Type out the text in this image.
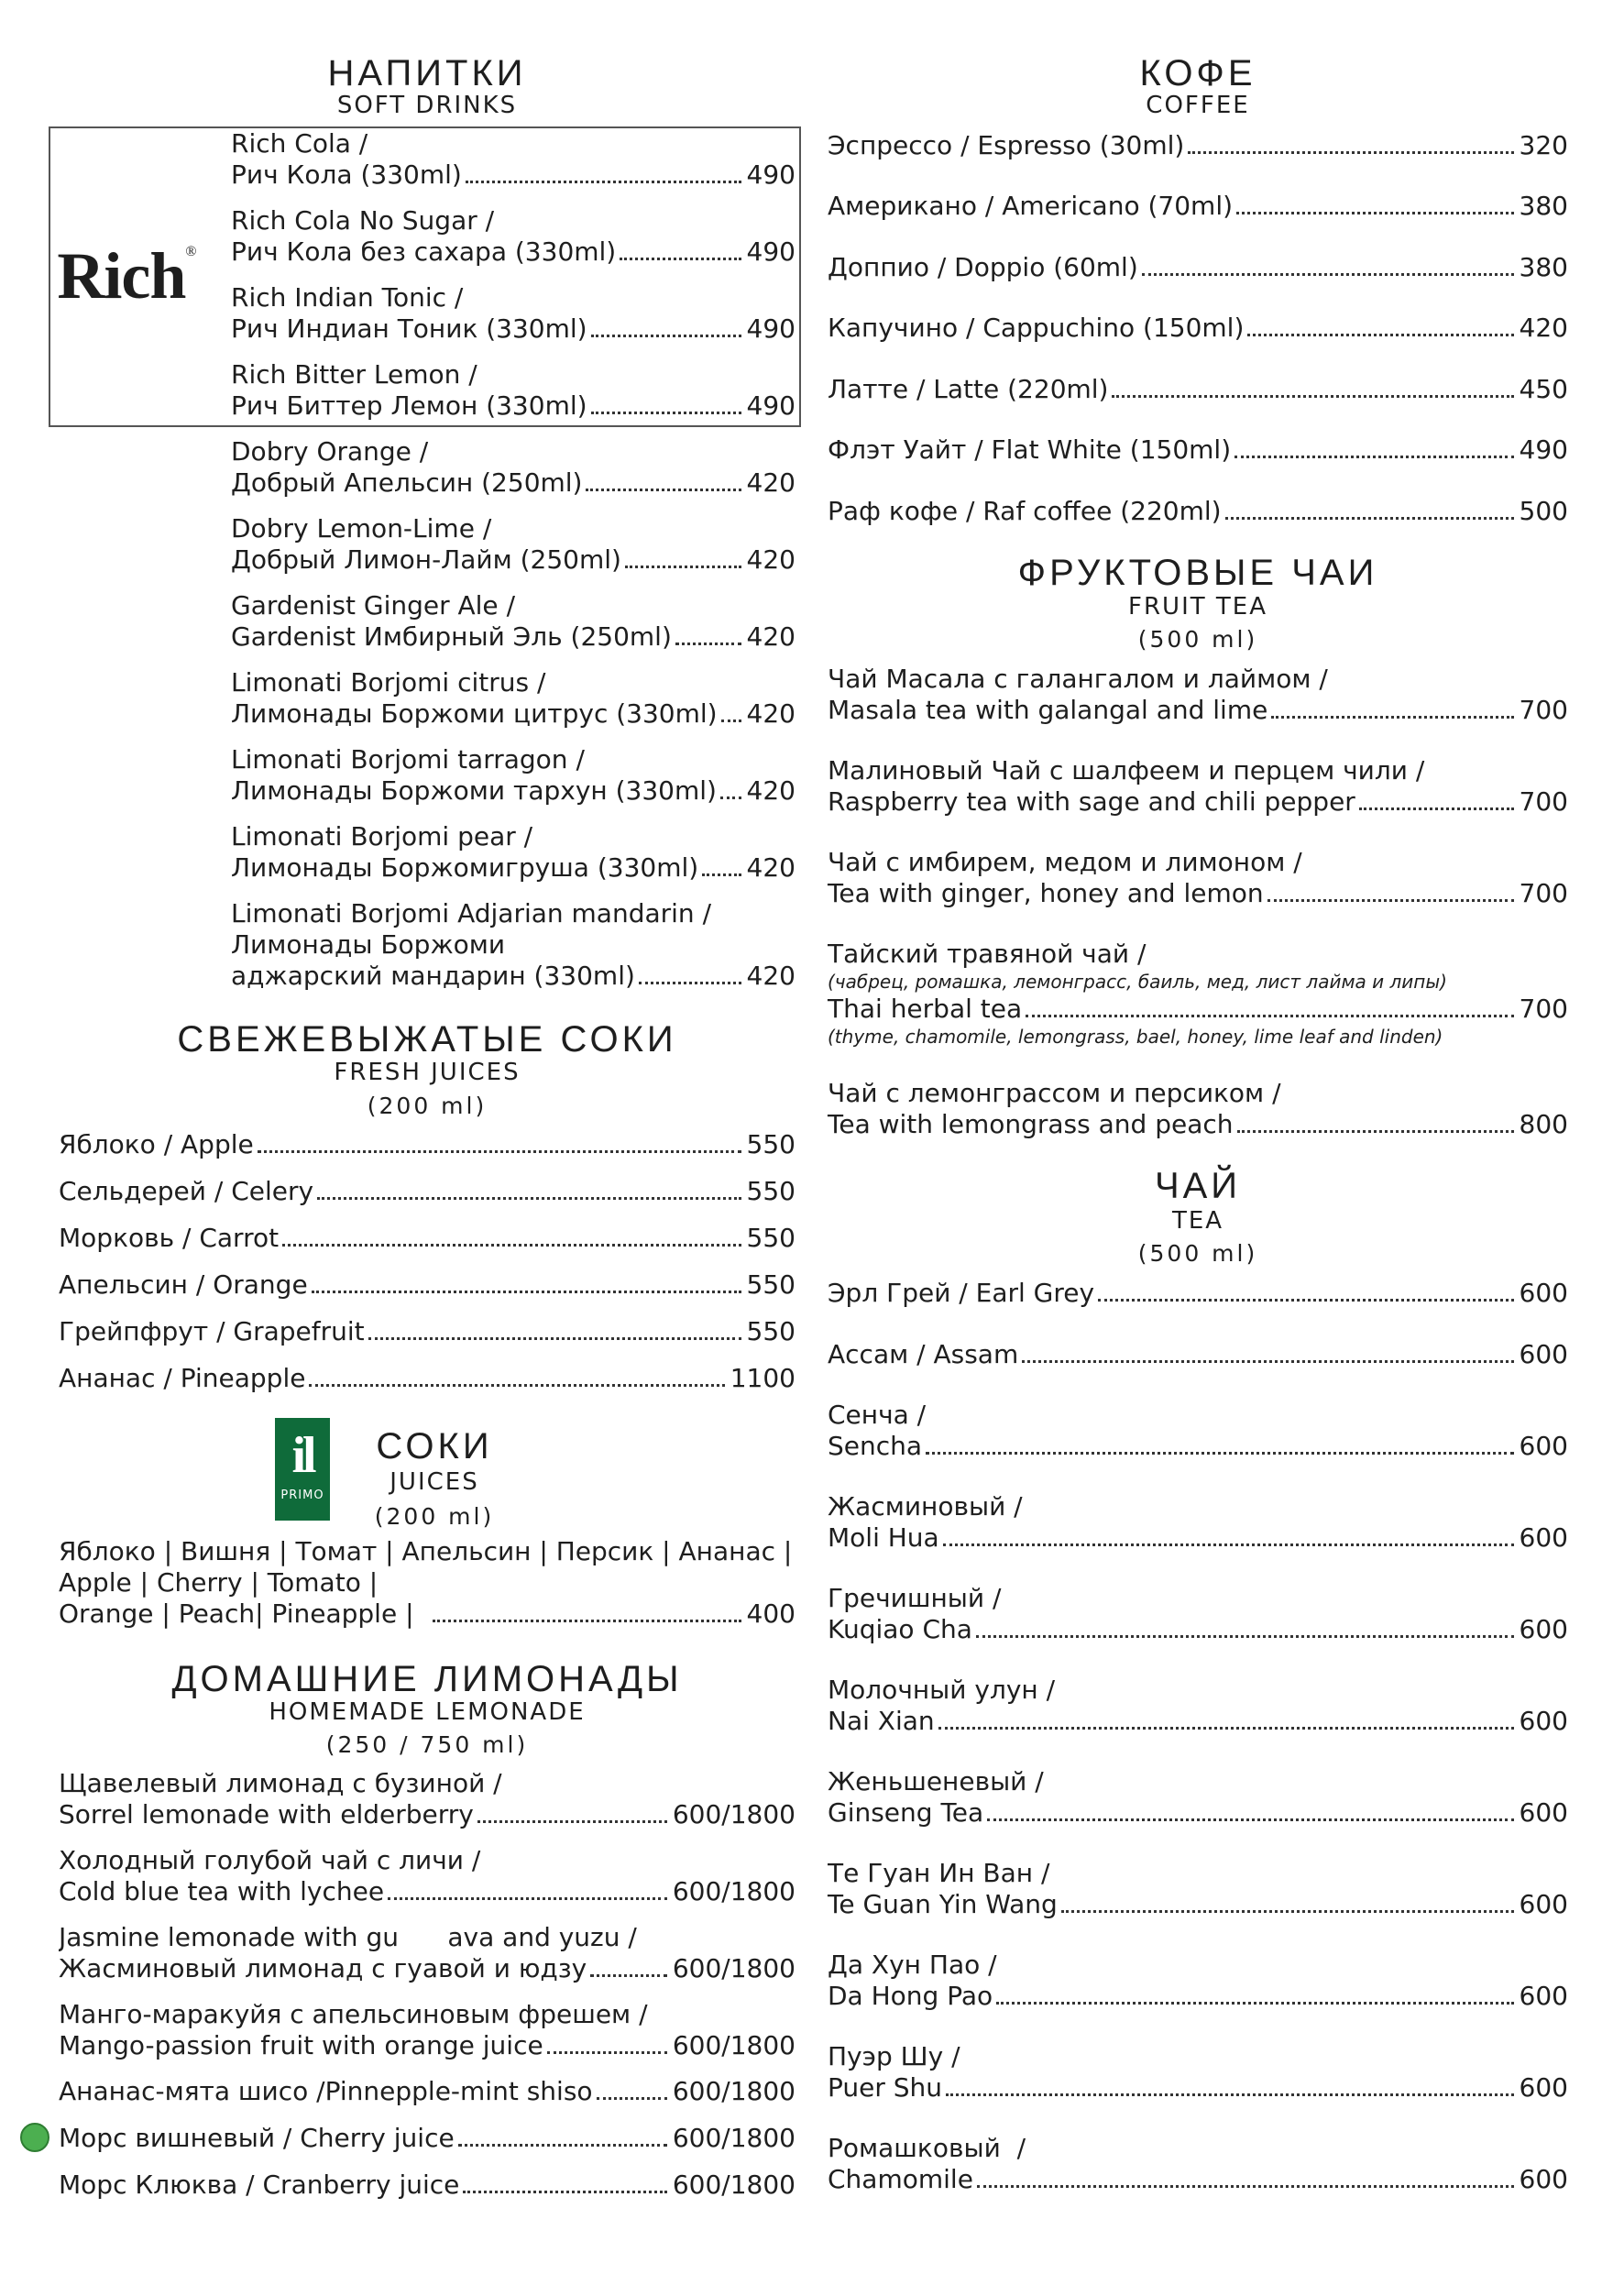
НАПИТКИ
SOFT DRINKS
Rich®
Rich Cola /
Рич Кола (330ml)	490
Rich Cola No Sugar /
Рич Кола без сахара (330ml)	490
Rich Indian Tonic /
Рич Индиан Тоник (330ml)	490
Rich Bitter Lemon /
Рич Биттер Лемон (330ml)	490
Dobry Orange /
Добрый Апельсин (250ml)	420
Dobry Lemon-Lime /
Добрый Лимон-Лайм (250ml)	420
Gardenist Ginger Ale /
Gardenist Имбирный Эль (250ml)	420
Limonati Borjomi citrus /
Лимонады Боржоми цитрус (330ml) 420
Limonati Borjomi tarragon /
Лимонады Боржоми тархун (330ml) 420
Limonati Borjomi pear /
Лимонады Боржомигруша (330ml) 420
Limonati Borjomi Adjarian mandarin /
Лимонады Боржоми
аджарский мандарин (330ml)	420
СВЕЖЕВЫЖАТЫЕ СОКИ
FRESH JUICES
(200 ml)
Яблоко / Apple	550
Сельдерей / Celery	550
Морковь / Carrot	550
Апельсин / Orange	550
Грейпфрут / Grapefruit	550
Ананас / Pineapple	1100
il
PRIMO
СОКИ
JUICES
(200 ml)
Яблоко | Вишня | Томат | Апельсин | Персик | Ананас |
Apple | Cherry | Tomato |
Orange | Peach| Pineapple |	400
ДОМАШНИЕ ЛИМОНАДЫ
HOMEMADE LEMONADE
(250 / 750 ml)
Щавелевый лимонад с бузиной /
Sorrel lemonade with elderberry	600/1800
Холодный голубой чай с личи /
Cold blue tea with lychee	600/1800
Jasmine lemonade with gu      ava and yuzu /
Жасминовый лимонад с гуавой и юдзу	600/1800
Манго-маракуйя с апельсиновым фрешем /
Mango-passion fruit with orange juice	600/1800
Ананас-мята шисо /Pinnepple-mint shiso	600/1800
Морс вишневый / Cherry juice	600/1800
Морс Клюква / Cranberry juice	600/1800
КОФЕ
COFFEE
Эспрессо / Espresso (30ml)	320
Американо / Americano (70ml)	380
Доппио / Doppio (60ml)	380
Капучино / Cappuchino (150ml)	420
Латте / Latte (220ml)	450
Флэт Уайт / Flat White (150ml)	490
Раф кофе / Raf coffee (220ml)	500
ФРУКТОВЫЕ ЧАИ
FRUIT TEA
(500 ml)
Чай Масала с галангалом и лаймом /
Masala tea with galangal and lime	700
Малиновый Чай с шалфеем и перцем чили /
Raspberry tea with sage and chili pepper	700
Чай с имбирем, медом и лимоном /
Tea with ginger, honey and lemon	700
Тайский травяной чай /
(чабрец, ромашка, лемонграсс, баиль, мед, лист лайма и липы)
Thai herbal tea	700
(thyme, chamomile, lemongrass, bael, honey, lime leaf and linden)
Чай с лемонграссом и персиком /
Tea with lemongrass and peach	800
ЧАЙ
TEA
(500 ml)
Эрл Грей / Earl Grey	600
Ассам / Assam	600
Сенча /
Sencha	600
Жасминовый /
Moli Hua	600
Гречишный /
Kuqiao Cha	600
Молочный улун /
Nai Xian	600
Женьшеневый /
Ginseng Tea	600
Те Гуан Ин Ван /
Te Guan Yin Wang	600
Да Хун Пао /
Da Hong Pao	600
Пуэр Шу /
Puer Shu	600
Ромашковый  /
Chamomile	600
